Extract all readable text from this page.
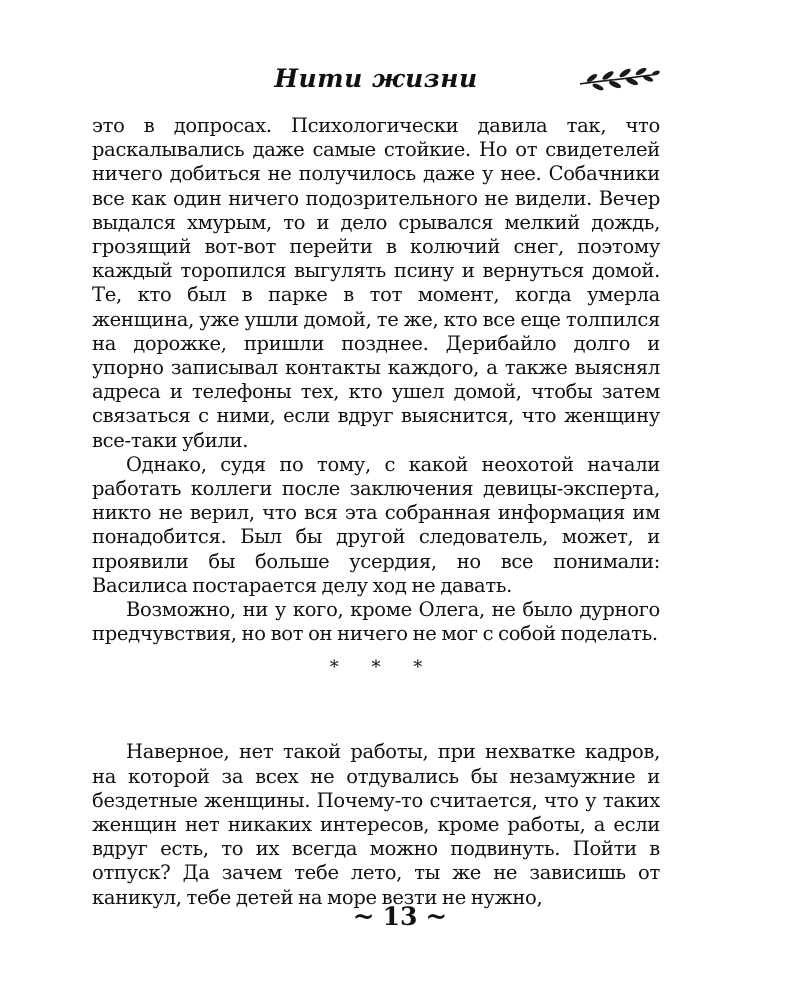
Нити жизни

это в допросах. Психологически давила так, что раскалывались даже самые стойкие. Но от свидетелей ничего добиться не получилось даже у нее. Собачники все как один ничего подозрительного не видели. Вечер выдался хмурым, то и дело срывался мелкий дождь, грозящий вот-вот перейти в колючий снег, поэтому каждый торопился выгулять псину и вернуться домой. Те, кто был в парке в тот момент, когда умерла женщина, уже ушли домой, те же, кто все еще толпился на дорожке, пришли позднее. Дерибайло долго и упорно записывал контакты каждого, а также выяснял адреса и телефоны тех, кто ушел домой, чтобы затем связаться с ними, если вдруг выяснится, что женщину все-таки убили.

Однако, судя по тому, с какой неохотой начали работать коллеги после заключения девицы-эксперта, никто не верил, что вся эта собранная информация им понадобится. Был бы другой следователь, может, и проявили бы больше усердия, но все понимали: Василиса постарается делу ход не давать.

Возможно, ни у кого, кроме Олега, не было дурного предчувствия, но вот он ничего не мог с собой поделать.

* * *

Наверное, нет такой работы, при нехватке кадров, на которой за всех не отдувались бы незамужние и бездетные женщины. Почему-то считается, что у таких женщин нет никаких интересов, кроме работы, а если вдруг есть, то их всегда можно подвинуть. Пойти в отпуск? Да зачем тебе лето, ты же не зависишь от каникул, тебе детей на море везти не нужно,

~ 13 ~
